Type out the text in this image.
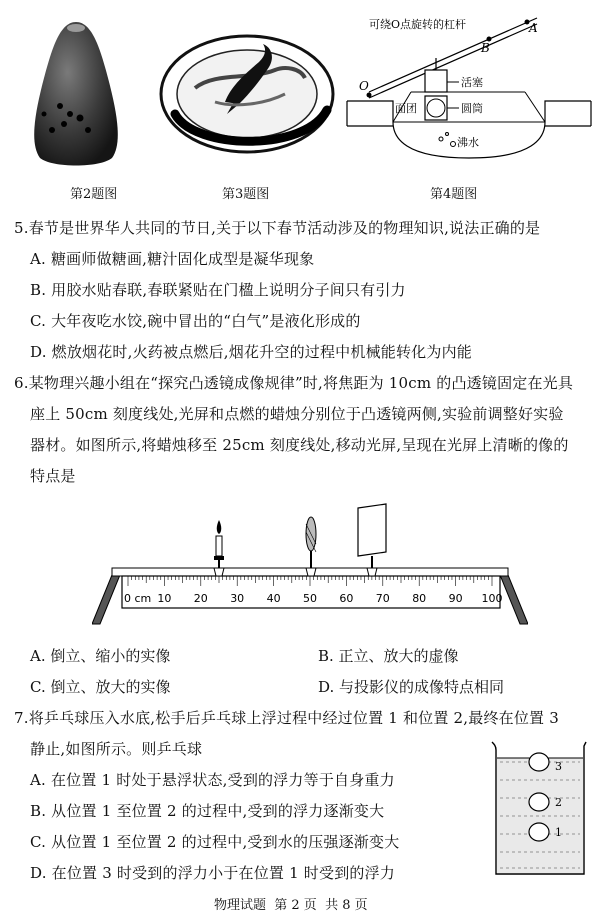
第2题图	第3题图
可绕O点旋转的杠杆	A
B
O	活塞
圆筒
面团
沸水
第4题图
5.春节是世界华人共同的节日,关于以下春节活动涉及的物理知识,说法正确的是
A. 糖画师做糖画,糖汁固化成型是凝华现象
B. 用胶水贴春联,春联紧贴在门楹上说明分子间只有引力
C. 大年夜吃水饺,碗中冒出的“白气”是液化形成的
D. 燃放烟花时,火药被点燃后,烟花升空的过程中机械能转化为内能
6.某物理兴趣小组在“探究凸透镜成像规律”时,将焦距为 10cm 的凸透镜固定在光具
座上 50cm 刻度线处,光屏和点燃的蜡烛分别位于凸透镜两侧,实验前调整好实验
器材。如图所示,将蜡烛移至 25cm 刻度线处,移动光屏,呈现在光屏上清晰的像的
特点是
0 cm 10 20 30 40 50 60 70 80 90 100
A. 倒立、缩小的实像	B. 正立、放大的虚像
C. 倒立、放大的实像	D. 与投影仪的成像特点相同
7.将乒乓球压入水底,松手后乒乓球上浮过程中经过位置 1 和位置 2,最终在位置 3
静止,如图所示。则乒乓球
A. 在位置 1 时处于悬浮状态,受到的浮力等于自身重力
B. 从位置 1 至位置 2 的过程中,受到的浮力逐渐变大
C. 从位置 1 至位置 2 的过程中,受到水的压强逐渐变大
D. 在位置 3 时受到的浮力小于在位置 1 时受到的浮力
3
2
1
物理试题  第 2 页  共 8 页
